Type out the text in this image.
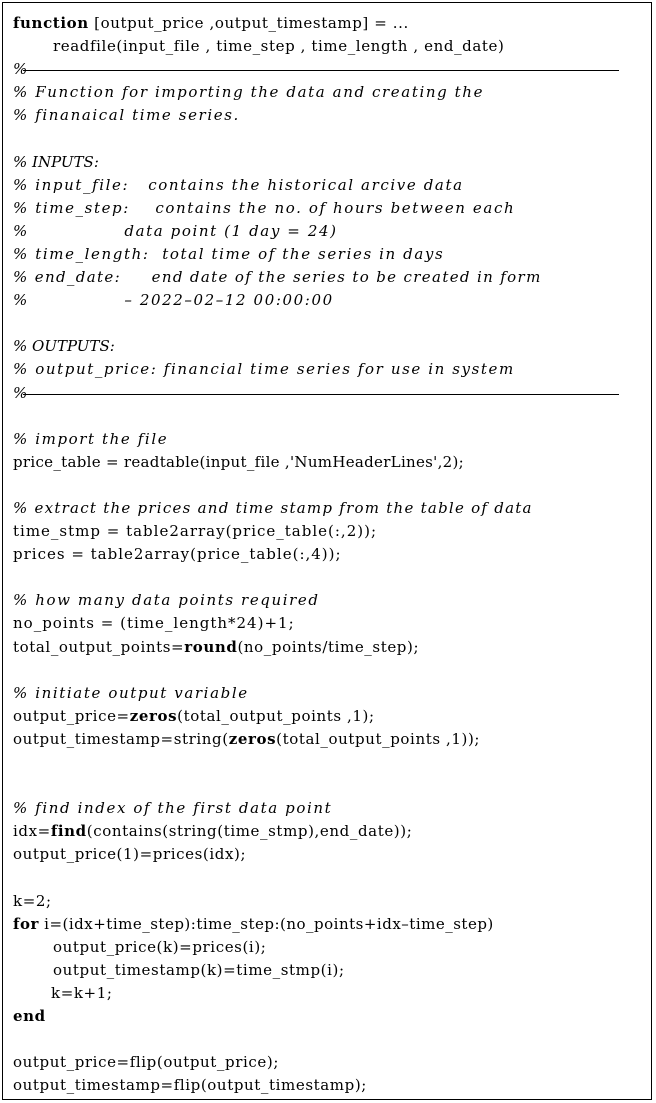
function [output_price ,output_timestamp] = ...
readfile(input_file , time_step , time_length , end_date)
%
% Function for importing the data and creating the
% finanaical time series.
% INPUTS:
% input_file:   contains the historical arcive data
% time_step:    contains the no. of hours between each
%               data point (1 day = 24)
% time_length:  total time of the series in days
% end_date:     end date of the series to be created in form
%               – 2022–02–12 00:00:00
% OUTPUTS:
% output_price: financial time series for use in system
%
% import the file
price_table = readtable(input_file ,'NumHeaderLines',2);
% extract the prices and time stamp from the table of data
time_stmp = table2array(price_table(:,2));
prices = table2array(price_table(:,4));
% how many data points required
no_points = (time_length*24)+1;
total_output_points=round(no_points/time_step);
% initiate output variable
output_price=zeros(total_output_points ,1);
output_timestamp=string(zeros(total_output_points ,1));
% find index of the first data point
idx=find(contains(string(time_stmp),end_date));
output_price(1)=prices(idx);
k=2;
for i=(idx+time_step):time_step:(no_points+idx–time_step)
output_price(k)=prices(i);
output_timestamp(k)=time_stmp(i);
k=k+1;
end
output_price=flip(output_price);
output_timestamp=flip(output_timestamp);
